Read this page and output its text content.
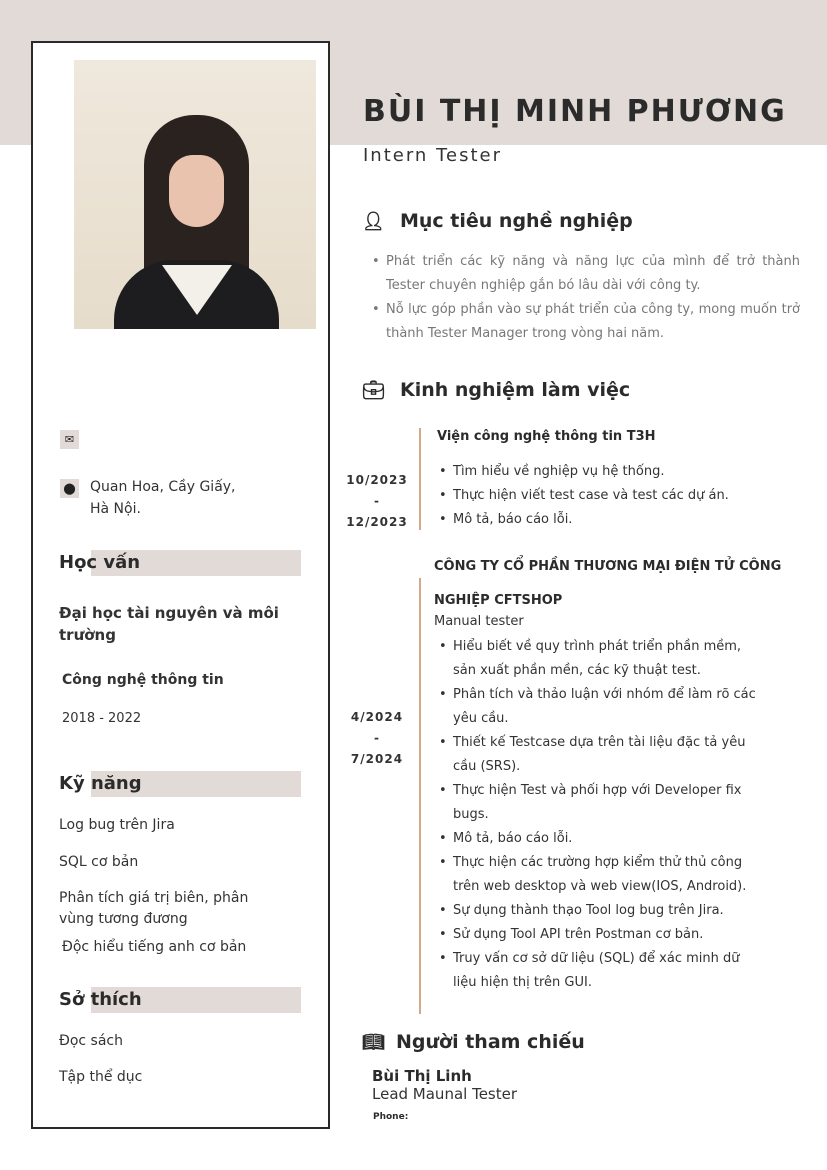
✉
⬤ Quan Hoa, Cầy Giấy,
Hà Nội.
Học vấn
Đại học tài nguyên và môi trường
Công nghệ thông tin
2018 - 2022
Kỹ năng
Log bug trên Jira
SQL cơ bản
Phân tích giá trị biên, phân vùng tương đương
Độc hiểu tiếng anh cơ bản
Sở thích
Đọc sách
Tập thể dục
BÙI THỊ MINH PHƯƠNG
Intern Tester
👤︎ Mục tiêu nghề nghiệp
• Phát triển các kỹ năng và năng lực của mình để trở thành Tester chuyên nghiệp gắn bó lâu dài với công ty.
• Nỗ lực góp phần vào sự phát triển của công ty, mong muốn trở thành Tester Manager trong vòng hai năm.
💼︎ Kinh nghiệm làm việc
10/2023
-
12/2023
Viện công nghệ thông tin T3H
• Tìm hiểu về nghiệp vụ hệ thống.
• Thực hiện viết test case và test các dự án.
• Mô tả, báo cáo lỗi.
CÔNG TY CỔ PHẦN THƯƠNG MẠI ĐIỆN TỬ CÔNG NGHIỆP CFTSHOP
4/2024
-
7/2024
Manual tester
• Hiểu biết về quy trình phát triển phần mềm, sản xuất phần mền, các kỹ thuật test.
• Phân tích và thảo luận với nhóm để làm rõ các yêu cầu.
• Thiết kế Testcase dựa trên tài liệu đặc tả yêu cầu (SRS).
• Thực hiện Test và phối hợp với Developer fix bugs.
• Mô tả, báo cáo lỗi.
• Thực hiện các trường hợp kiểm thử thủ công trên web desktop và web view(IOS, Android).
• Sự dụng thành thạo Tool log bug trên Jira.
• Sử dụng Tool API trên Postman cơ bản.
• Truy vấn cơ sở dữ liệu (SQL) để xác minh dữ liệu hiện thị trên GUI.
📖︎ Người tham chiếu
Bùi Thị Linh
Lead Maunal Tester
Phone:
